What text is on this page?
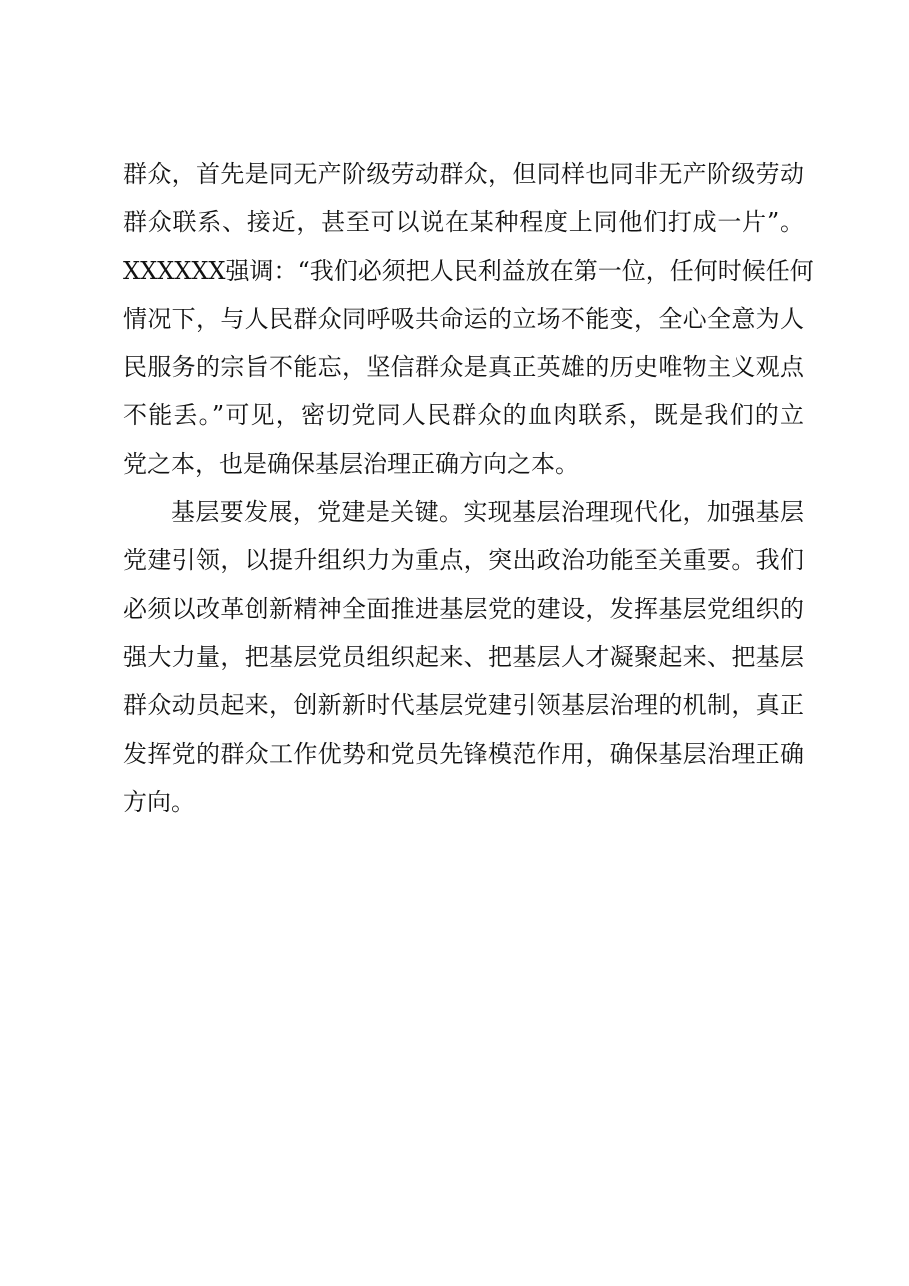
群众，首先是同无产阶级劳动群众，但同样也同非无产阶级劳动
群众联系、接近，甚至可以说在某种程度上同他们打成一片”。
XXXXXX强调：“我们必须把人民利益放在第一位，任何时候任何
情况下，与人民群众同呼吸共命运的立场不能变，全心全意为人
民服务的宗旨不能忘，坚信群众是真正英雄的历史唯物主义观点
不能丢。”可见，密切党同人民群众的血肉联系，既是我们的立
党之本，也是确保基层治理正确方向之本。
基层要发展，党建是关键。实现基层治理现代化，加强基层
党建引领，以提升组织力为重点，突出政治功能至关重要。我们
必须以改革创新精神全面推进基层党的建设，发挥基层党组织的
强大力量，把基层党员组织起来、把基层人才凝聚起来、把基层
群众动员起来，创新新时代基层党建引领基层治理的机制，真正
发挥党的群众工作优势和党员先锋模范作用，确保基层治理正确
方向。
